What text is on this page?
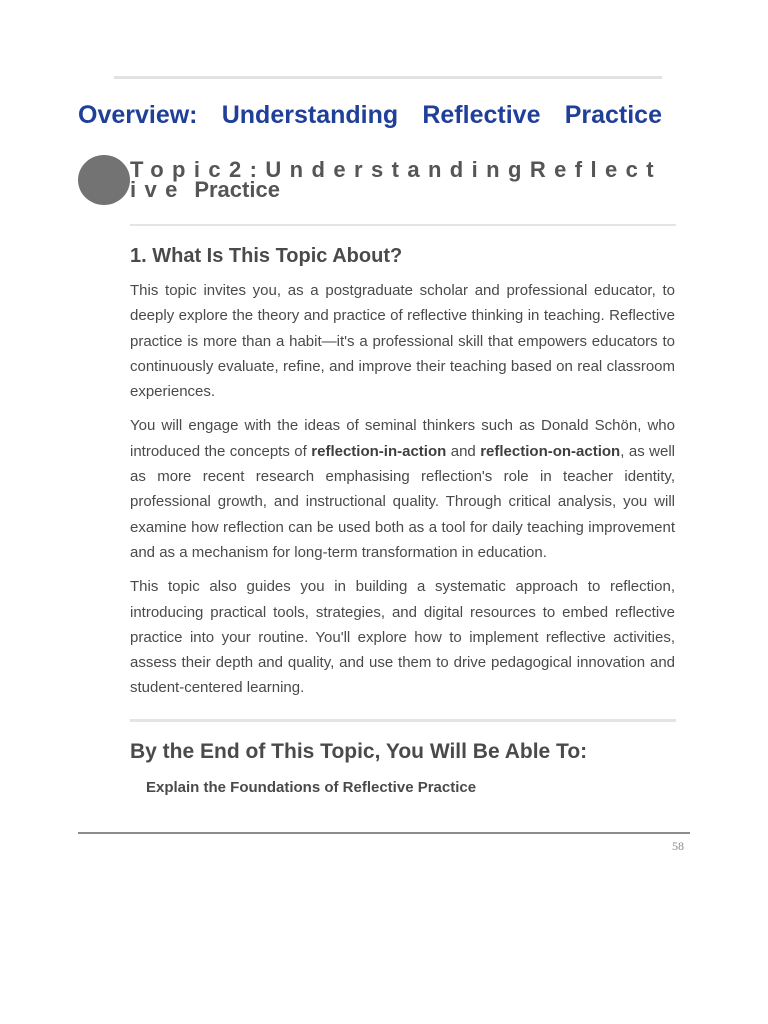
Overview: Understanding Reflective Practice
Topic2:UnderstandingReflect
ive Practice
1. What Is This Topic About?

This topic invites you, as a postgraduate scholar and professional educator, to deeply explore the theory and practice of reflective thinking in teaching. Reflective practice is more than a habit—it's a professional skill that empowers educators to continuously evaluate, refine, and improve their teaching based on real classroom experiences.

You will engage with the ideas of seminal thinkers such as Donald Schön, who introduced the concepts of reflection-in-action and reflection-on-action, as well as more recent research emphasising reflection's role in teacher identity, professional growth, and instructional quality. Through critical analysis, you will examine how reflection can be used both as a tool for daily teaching improvement and as a mechanism for long-term transformation in education.

This topic also guides you in building a systematic approach to reflection, introducing practical tools, strategies, and digital resources to embed reflective practice into your routine. You'll explore how to implement reflective activities, assess their depth and quality, and use them to drive pedagogical innovation and student-centered learning.

By the End of This Topic, You Will Be Able To:

Explain the Foundations of Reflective Practice

58
